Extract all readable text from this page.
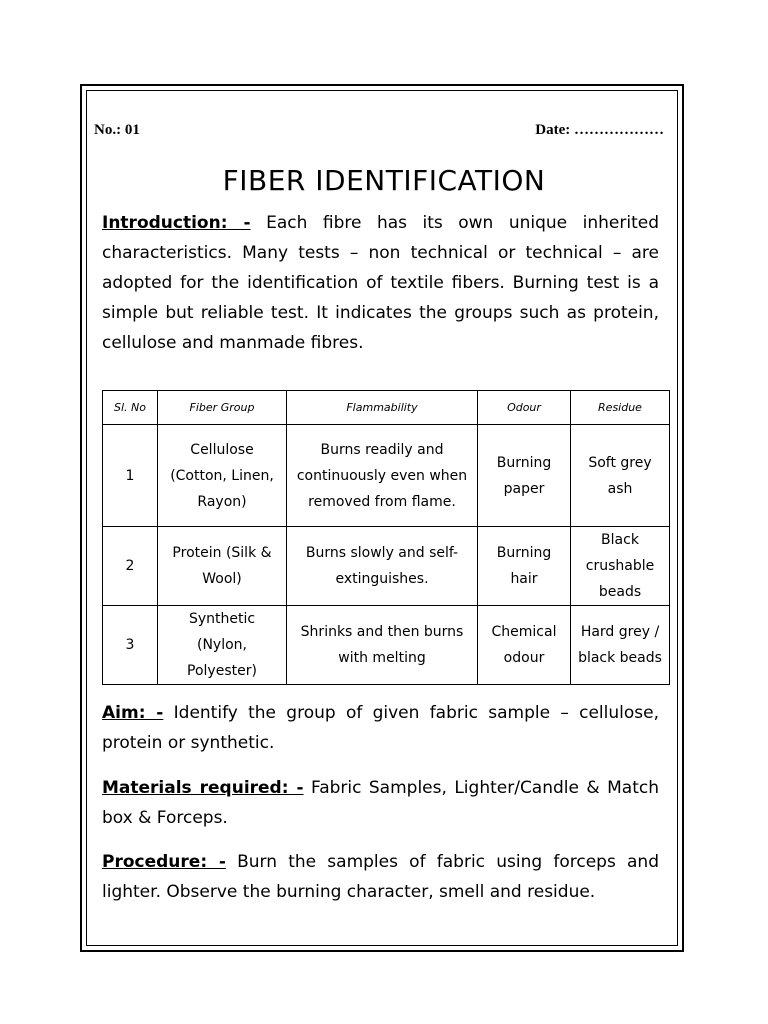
No.: 01	Date: ………………
FIBER IDENTIFICATION

Introduction: - Each fibre has its own unique inherited characteristics. Many tests – non technical or technical – are adopted for the identification of textile fibers. Burning test is a simple but reliable test. It indicates the groups such as protein, cellulose and manmade fibres.

Sl. No	Fiber Group	Flammability	Odour	Residue
1	Cellulose (Cotton, Linen, Rayon)	Burns readily and continuously even when removed from flame.	Burning paper	Soft grey ash
2	Protein (Silk & Wool)	Burns slowly and self-extinguishes.	Burning hair	Black crushable beads
3	Synthetic (Nylon, Polyester)	Shrinks and then burns with melting	Chemical odour	Hard grey / black beads

Aim: - Identify the group of given fabric sample – cellulose, protein or synthetic.

Materials required: - Fabric Samples, Lighter/Candle & Match box & Forceps.

Procedure: - Burn the samples of fabric using forceps and lighter. Observe the burning character, smell and residue.
